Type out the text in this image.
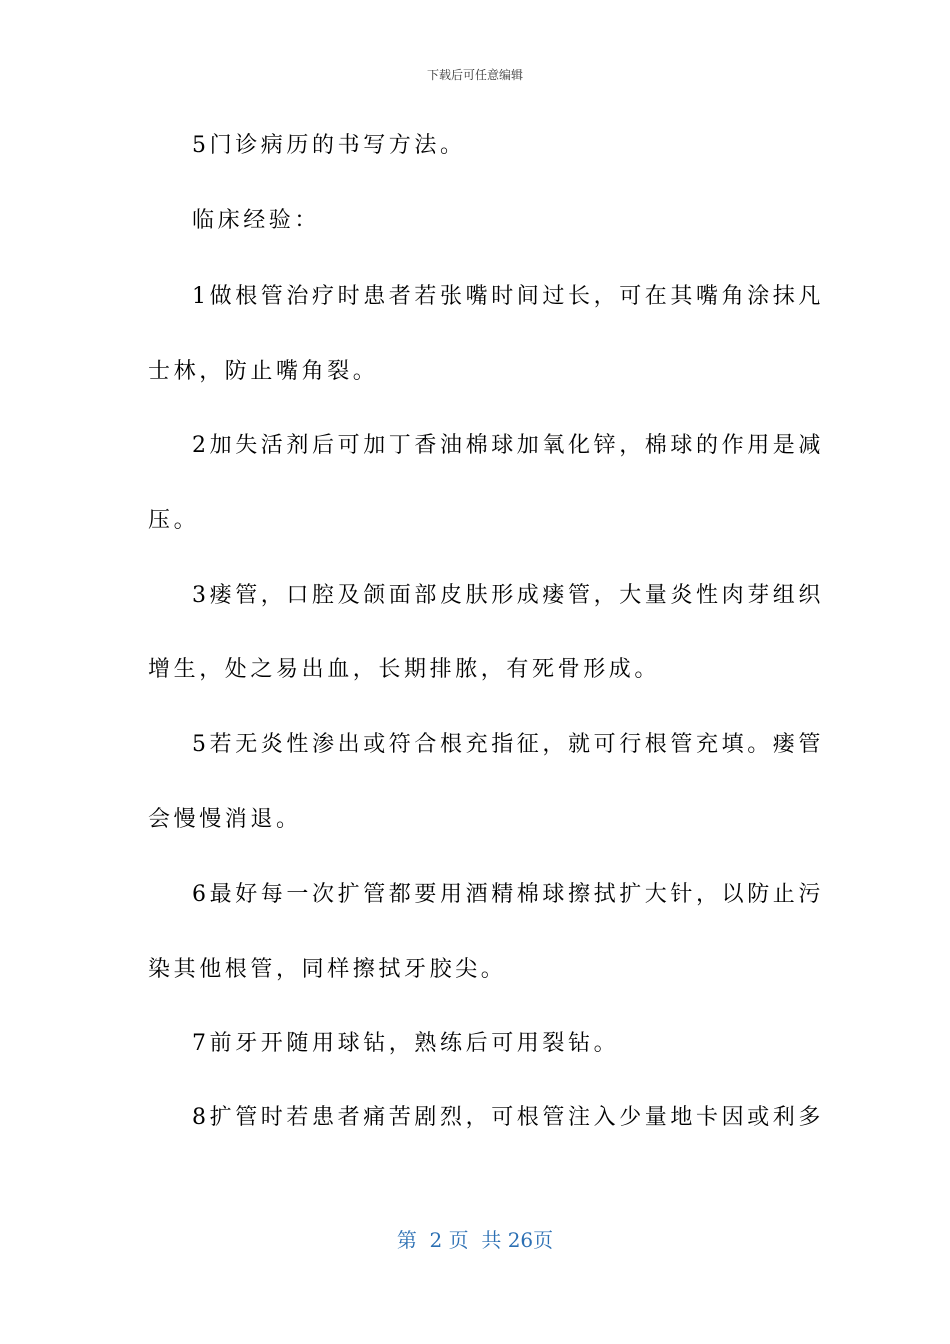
下载后可任意编辑
5门诊病历的书写方法。
临床经验：
1做根管治疗时患者若张嘴时间过长，可在其嘴角涂抹凡
士林，防止嘴角裂。
2加失活剂后可加丁香油棉球加氧化锌，棉球的作用是减
压。
3瘘管，口腔及颌面部皮肤形成瘘管，大量炎性肉芽组织
增生，处之易出血，长期排脓，有死骨形成。
5若无炎性渗出或符合根充指征，就可行根管充填。瘘管
会慢慢消退。
6最好每一次扩管都要用酒精棉球擦拭扩大针，以防止污
染其他根管，同样擦拭牙胶尖。
7前牙开随用球钻，熟练后可用裂钻。
8扩管时若患者痛苦剧烈，可根管注入少量地卡因或利多
第  2 页  共 26页
